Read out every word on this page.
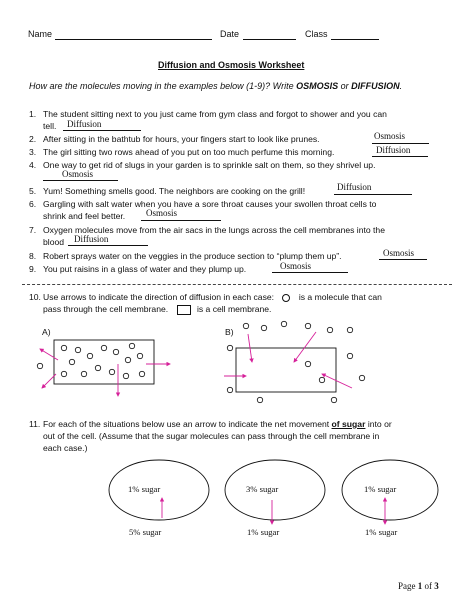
Name	Date	Class
Diffusion and Osmosis Worksheet
How are the molecules moving in the examples below (1-9)? Write OSMOSIS or DIFFUSION.
1. The student sitting next to you just came from gym class and forgot to shower and you can
tell. Diffusion
2. After sitting in the bathtub for hours, your fingers start to look like prunes.	Osmosis
3. The girl sitting two rows ahead of you put on too much perfume this morning.	Diffusion
4. One way to get rid of slugs in your garden is to sprinkle salt on them, so they shrivel up.
Osmosis
5. Yum! Something smells good. The neighbors are cooking on the grill!	Diffusion
6. Gargling with salt water when you have a sore throat causes your swollen throat cells to
shrink and feel better. Osmosis
7. Oxygen molecules move from the air sacs in the lungs across the cell membranes into the
blood Diffusion
8. Robert sprays water on the veggies in the produce section to “plump them up”.	Osmosis
9. You put raisins in a glass of water and they plump up.	Osmosis
10. Use arrows to indicate the direction of diffusion in each case:	is a molecule that can
pass through the cell membrane.	is a cell membrane.
A)	B)
11. For each of the situations below use an arrow to indicate the net movement of sugar into or
out of the cell. (Assume that the sugar molecules can pass through the cell membrane in
each case.)
1% sugar
5% sugar
3% sugar
1% sugar
1% sugar
1% sugar
Page 1 of 3
